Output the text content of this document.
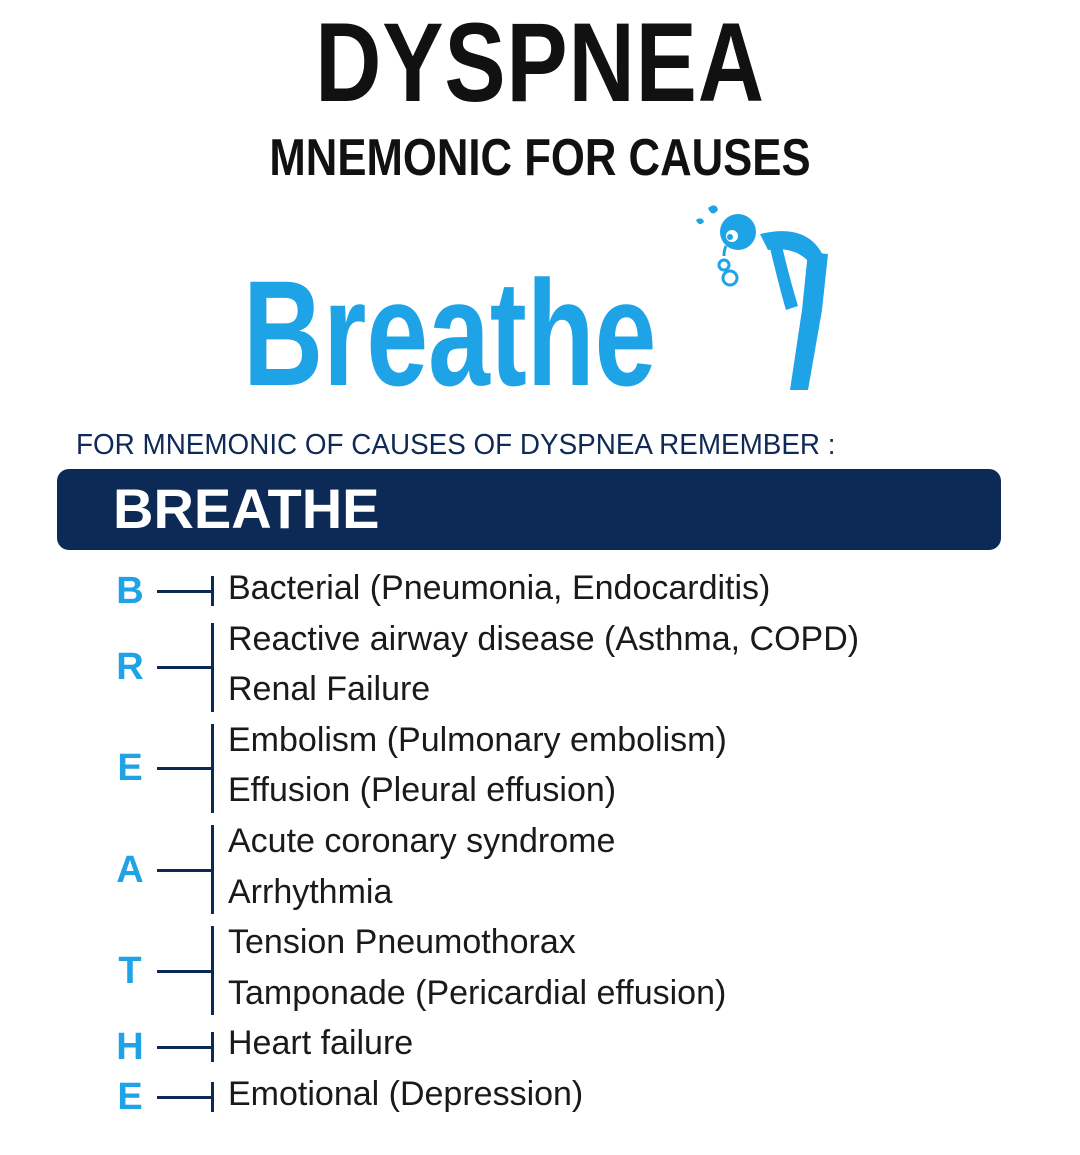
DYSPNEA
MNEMONIC FOR CAUSES
Breathe
FOR MNEMONIC OF CAUSES OF DYSPNEA REMEMBER :
BREATHE
B Bacterial (Pneumonia, Endocarditis)
R
Reactive airway disease (Asthma, COPD)
Renal Failure
E
Embolism (Pulmonary embolism)
Effusion (Pleural effusion)
A
Acute coronary syndrome
Arrhythmia
T
Tension Pneumothorax
Tamponade (Pericardial effusion)
H Heart failure
E	Emotional (Depression)
